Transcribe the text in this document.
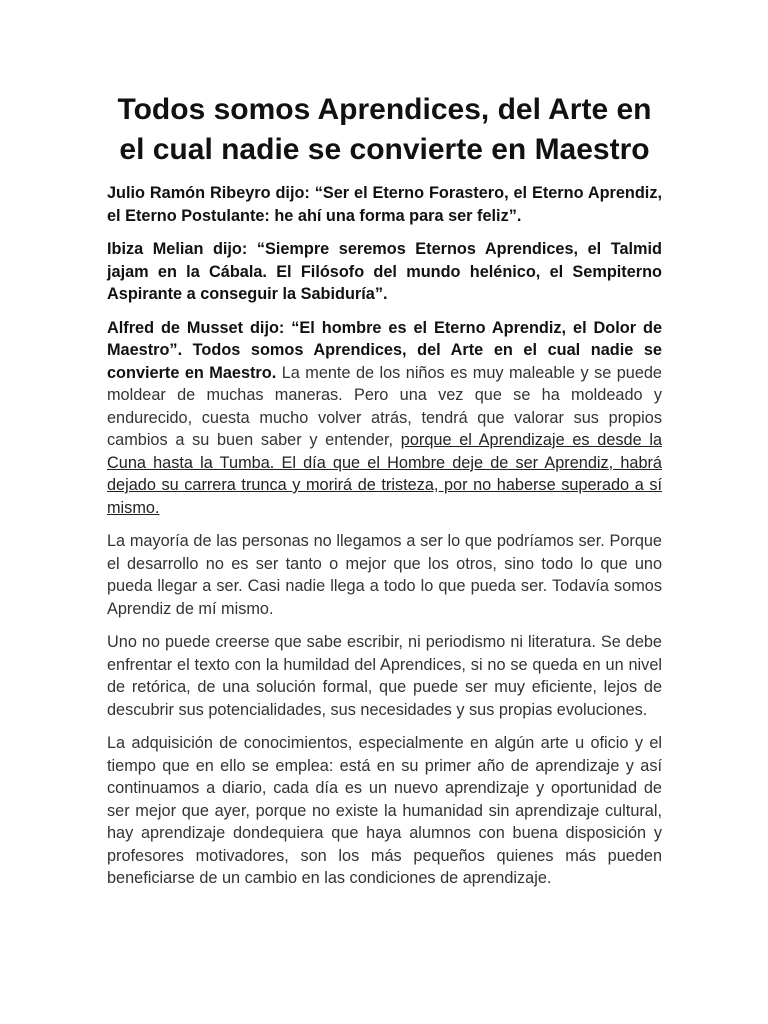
Todos somos Aprendices, del Arte en el cual nadie se convierte en Maestro

Julio Ramón Ribeyro dijo: “Ser el Eterno Forastero, el Eterno Aprendiz, el Eterno Postulante: he ahí una forma para ser feliz”.

Ibiza Melian dijo: “Siempre seremos Eternos Aprendices, el Talmid jajam en la Cábala. El Filósofo del mundo helénico, el Sempiterno Aspirante a conseguir la Sabiduría”.

Alfred de Musset dijo: “El hombre es el Eterno Aprendiz, el Dolor de Maestro”. Todos somos Aprendices, del Arte en el cual nadie se convierte en Maestro. La mente de los niños es muy maleable y se puede moldear de muchas maneras. Pero una vez que se ha moldeado y endurecido, cuesta mucho volver atrás, tendrá que valorar sus propios cambios a su buen saber y entender, porque el Aprendizaje es desde la Cuna hasta la Tumba. El día que el Hombre deje de ser Aprendiz, habrá dejado su carrera trunca y morirá de tristeza, por no haberse superado a sí mismo.

La mayoría de las personas no llegamos a ser lo que podríamos ser. Porque el desarrollo no es ser tanto o mejor que los otros, sino todo lo que uno pueda llegar a ser. Casi nadie llega a todo lo que pueda ser. Todavía somos Aprendiz de mí mismo.

Uno no puede creerse que sabe escribir, ni periodismo ni literatura. Se debe enfrentar el texto con la humildad del Aprendices, si no se queda en un nivel de retórica, de una solución formal, que puede ser muy eficiente, lejos de descubrir sus potencialidades, sus necesidades y sus propias evoluciones.

La adquisición de conocimientos, especialmente en algún arte u oficio y el tiempo que en ello se emplea: está en su primer año de aprendizaje y así continuamos a diario, cada día es un nuevo aprendizaje y oportunidad de ser mejor que ayer, porque no existe la humanidad sin aprendizaje cultural, hay aprendizaje dondequiera que haya alumnos con buena disposición y profesores motivadores, son los más pequeños quienes más pueden beneficiarse de un cambio en las condiciones de aprendizaje.
